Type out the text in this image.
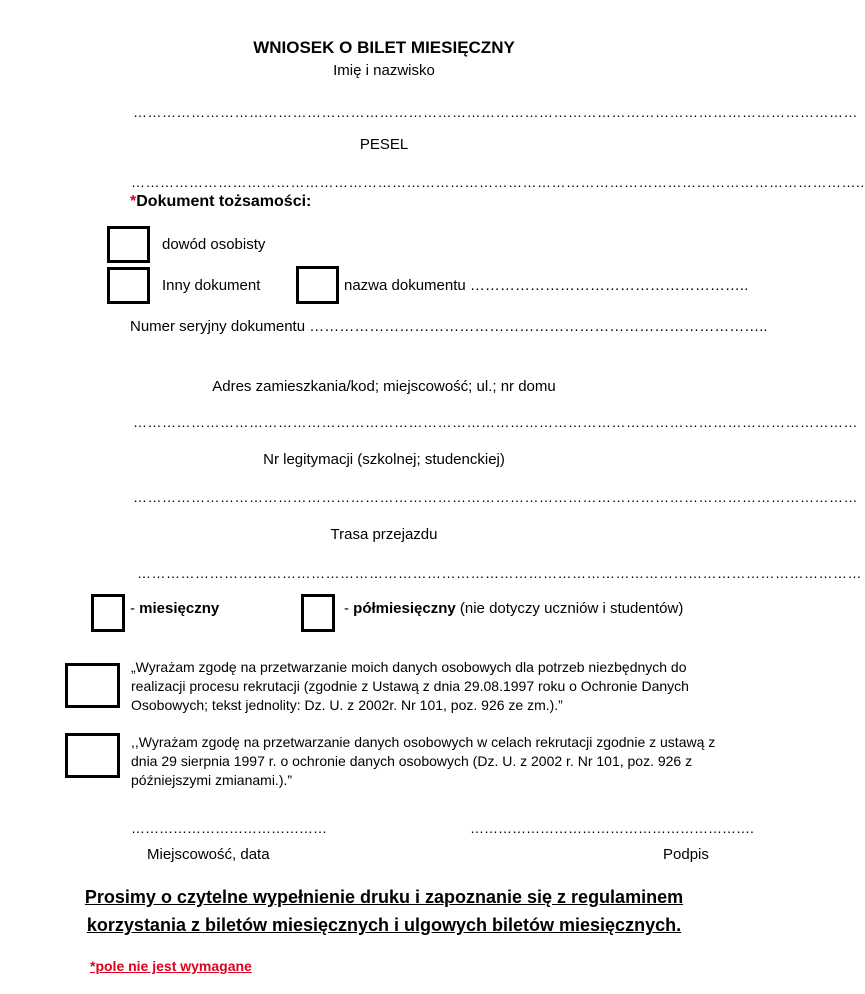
WNIOSEK O BILET MIESIĘCZNY
Imię i nazwisko
……………………………………………………………………………………………………………………………………
PESEL
……………………………………………………………………………………………………………………………………..
*Dokument tożsamości:
dowód osobisty
Inny dokument	nazwa dokumentu ………………………………………………..
Numer seryjny dokumentu ………………………………………………………………………………..
Adres zamieszkania/kod; miejscowość; ul.; nr domu
……………………………………………………………………………………………………………………………………
Nr legitymacji (szkolnej; studenckiej)
……………………………………………………………………………………………………………………………………
Trasa przejazdu
……………………………………………………………………………………………………………………………………
- miesięczny	- półmiesięczny (nie dotyczy uczniów i studentów)
„Wyrażam zgodę na przetwarzanie moich danych osobowych dla potrzeb niezbędnych do realizacji procesu rekrutacji (zgodnie z Ustawą z dnia 29.08.1997 roku o Ochronie Danych Osobowych; tekst jednolity: Dz. U. z 2002r. Nr 101, poz. 926 ze zm.).”
,,Wyrażam zgodę na przetwarzanie danych osobowych w celach rekrutacji zgodnie z ustawą z dnia 29 sierpnia 1997 r. o ochronie danych osobowych (Dz. U. z 2002 r. Nr 101, poz. 926 z późniejszymi zmianami.).”
……………………………………
Miejscowość, data
…………………………………………………….
Podpis
Prosimy o czytelne wypełnienie druku i zapoznanie się z regulaminem korzystania z biletów miesięcznych i ulgowych biletów miesięcznych.
*pole nie jest wymagane
